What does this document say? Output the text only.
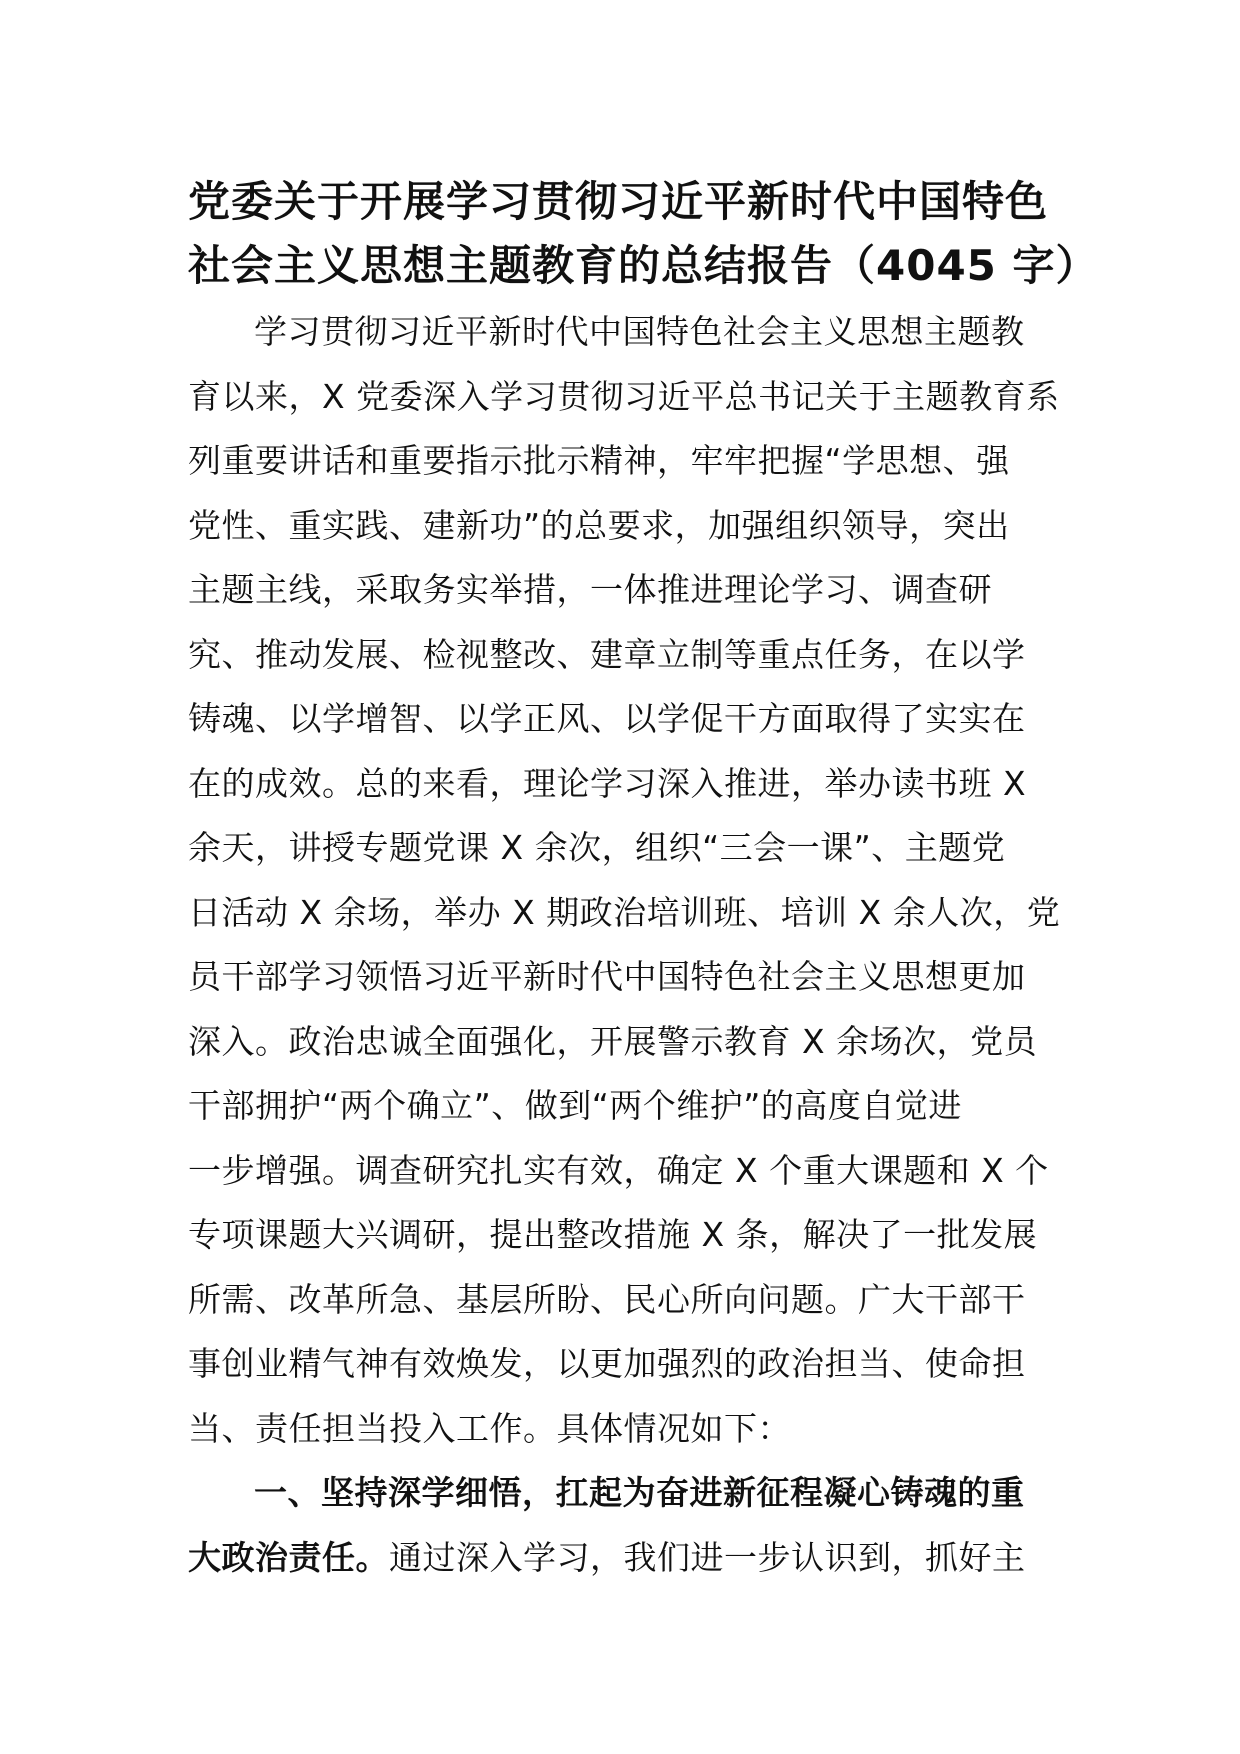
党委关于开展学习贯彻习近平新时代中国特色
社会主义思想主题教育的总结报告（4045 字）
学习贯彻习近平新时代中国特色社会主义思想主题教
育以来，X 党委深入学习贯彻习近平总书记关于主题教育系
列重要讲话和重要指示批示精神，牢牢把握“学思想、强
党性、重实践、建新功”的总要求，加强组织领导，突出
主题主线，采取务实举措，一体推进理论学习、调查研
究、推动发展、检视整改、建章立制等重点任务，在以学
铸魂、以学增智、以学正风、以学促干方面取得了实实在
在的成效。总的来看，理论学习深入推进，举办读书班 X
余天，讲授专题党课 X 余次，组织“三会一课”、主题党
日活动 X 余场，举办 X 期政治培训班、培训 X 余人次，党
员干部学习领悟习近平新时代中国特色社会主义思想更加
深入。政治忠诚全面强化，开展警示教育 X 余场次，党员
干部拥护“两个确立”、做到“两个维护”的高度自觉进
一步增强。调查研究扎实有效，确定 X 个重大课题和 X 个
专项课题大兴调研，提出整改措施 X 条，解决了一批发展
所需、改革所急、基层所盼、民心所向问题。广大干部干
事创业精气神有效焕发，以更加强烈的政治担当、使命担
当、责任担当投入工作。具体情况如下：
一、坚持深学细悟，扛起为奋进新征程凝心铸魂的重
大政治责任。通过深入学习，我们进一步认识到，抓好主
